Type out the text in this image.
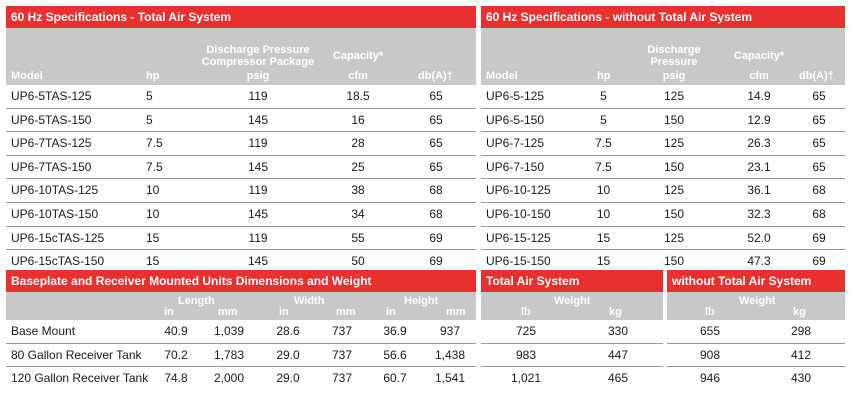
60 Hz Specifications - Total Air System
Model	hp
Discharge Pressure
Compressor Package
psig
Capacity*
cfm	db(A)†
UP6-5TAS-125	5	119	18.5	65
UP6-5TAS-150	5	145	16	65
UP6-7TAS-125	7.5	119	28	65
UP6-7TAS-150	7.5	145	25	65
UP6-10TAS-125	10	119	38	68
UP6-10TAS-150	10	145	34	68
UP6-15cTAS-125	15	119	55	69
UP6-15cTAS-150	15	145	50	69
60 Hz Specifications - without Total Air System
Model	hp
Discharge
Pressure
psig
Capacity*
cfm	db(A)†
UP6-5-125	5	125	14.9	65
UP6-5-150	5	150	12.9	65
UP6-7-125	7.5	125	26.3	65
UP6-7-150	7.5	150	23.1	65
UP6-10-125	10	125	36.1	68
UP6-10-150	10	150	32.3	68
UP6-15-125	15	125	52.0	69
UP6-15-150	15	150	47.3	69
Baseplate and Receiver Mounted Units Dimensions and Weight
Length
in	mm
Width
in	mm
Height
in	mm
Base Mount	40.9	1,039	28.6	737	36.9	937
80 Gallon Receiver Tank	70.2	1,783	29.0	737	56.6	1,438
120 Gallon Receiver Tank	74.8	2,000	29.0	737	60.7	1,541
Total Air System
Weight
lb	kg
725	330
983	447
1,021	465
without Total Air System
Weight
lb	kg
655	298
908	412
946	430
